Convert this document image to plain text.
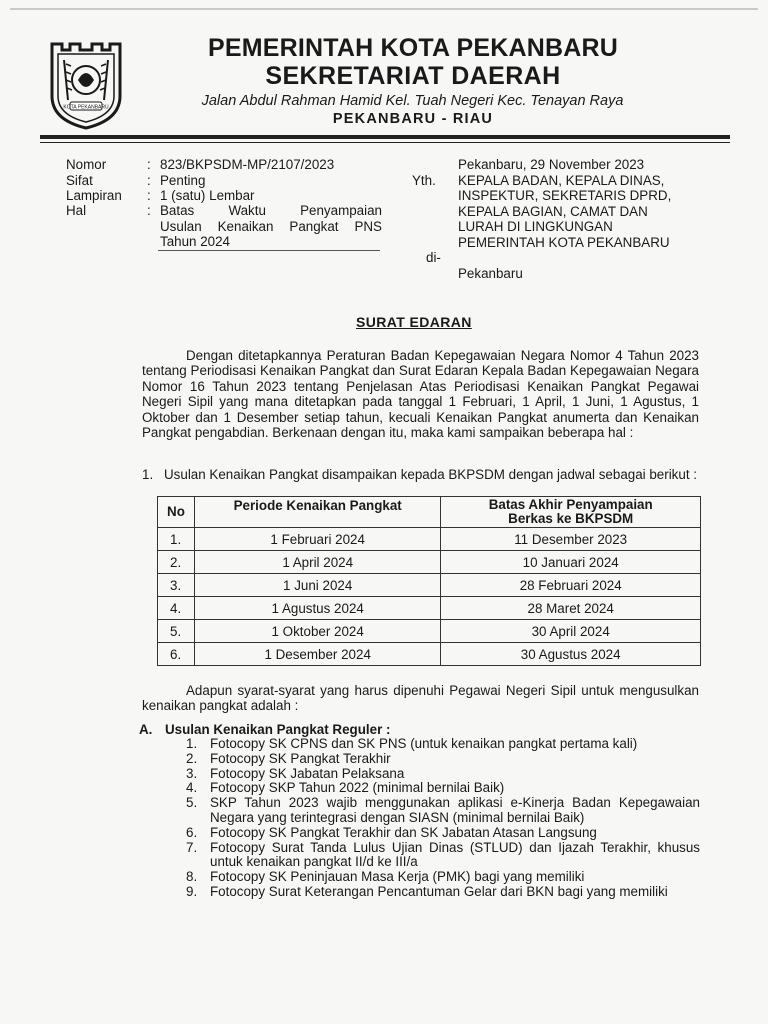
KOTA PEKANBARU
PEMERINTAH KOTA PEKANBARU
SEKRETARIAT DAERAH
Jalan Abdul Rahman Hamid Kel. Tuah Negeri Kec. Tenayan Raya
PEKANBARU - RIAU
Nomor	: 823/BKPSDM-MP/2107/2023
Sifat	: Penting
Lampiran : 1 (satu) Lembar
Hal	: Batas Waktu Penyampaian
Usulan Kenaikan Pangkat PNS
Tahun 2024
Pekanbaru, 29 November 2023
KEPALA BADAN, KEPALA DINAS,
INSPEKTUR, SEKRETARIS DPRD,
KEPALA BAGIAN, CAMAT DAN
LURAH DI LINGKUNGAN
PEMERINTAH KOTA PEKANBARU
Yth.
di-
Pekanbaru
SURAT EDARAN
Dengan ditetapkannya Peraturan Badan Kepegawaian Negara Nomor 4 Tahun 2023 tentang Periodisasi Kenaikan Pangkat dan Surat Edaran Kepala Badan Kepegawaian Negara Nomor 16 Tahun 2023 tentang Penjelasan Atas Periodisasi Kenaikan Pangkat Pegawai Negeri Sipil yang mana ditetapkan pada tanggal 1 Februari, 1 April, 1 Juni, 1 Agustus, 1 Oktober dan 1 Desember setiap tahun, kecuali Kenaikan Pangkat anumerta dan Kenaikan Pangkat pengabdian. Berkenaan dengan itu, maka kami sampaikan beberapa hal :
1. Usulan Kenaikan Pangkat disampaikan kepada BKPSDM dengan jadwal sebagai berikut :
No	Periode Kenaikan Pangkat	Batas Akhir Penyampaian Berkas ke BKPSDM
1.	1 Februari 2024	11 Desember 2023
2.	1 April 2024	10 Januari 2024
3.	1 Juni 2024	28 Februari 2024
4.	1 Agustus 2024	28 Maret 2024
5.	1 Oktober 2024	30 April 2024
6.	1 Desember 2024	30 Agustus 2024
Adapun syarat-syarat yang harus dipenuhi Pegawai Negeri Sipil untuk mengusulkan kenaikan pangkat adalah :
A. Usulan Kenaikan Pangkat Reguler :
1. Fotocopy SK CPNS dan SK PNS (untuk kenaikan pangkat pertama kali)
2. Fotocopy SK Pangkat Terakhir
3. Fotocopy SK Jabatan Pelaksana
4. Fotocopy SKP Tahun 2022 (minimal bernilai Baik)
5. SKP Tahun 2023 wajib menggunakan aplikasi e-Kinerja Badan Kepegawaian Negara yang terintegrasi dengan SIASN (minimal bernilai Baik)
6. Fotocopy SK Pangkat Terakhir dan SK Jabatan Atasan Langsung
7. Fotocopy Surat Tanda Lulus Ujian Dinas (STLUD) dan Ijazah Terakhir, khusus untuk kenaikan pangkat II/d ke III/a
8. Fotocopy SK Peninjauan Masa Kerja (PMK) bagi yang memiliki
9. Fotocopy Surat Keterangan Pencantuman Gelar dari BKN bagi yang memiliki
